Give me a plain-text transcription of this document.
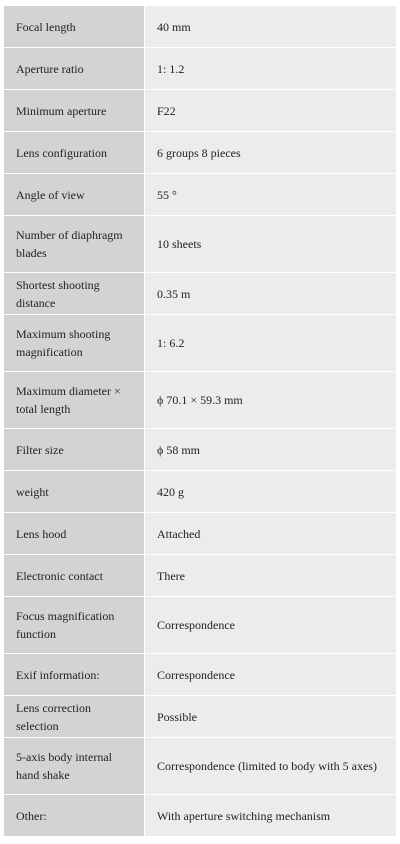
Focal length	40 mm
Aperture ratio	1: 1.2
Minimum aperture	F22
Lens configuration	6 groups 8 pieces
Angle of view	55 °
Number of diaphragm blades	10 sheets
Shortest shooting distance	0.35 m
Maximum shooting magnification	1: 6.2
Maximum diameter × total length	ϕ 70.1 × 59.3 mm
Filter size	ϕ 58 mm
weight	420 g
Lens hood	Attached
Electronic contact	There
Focus magnification function	Correspondence
Exif information:	Correspondence
Lens correction selection	Possible
5-axis body internal hand shake	Correspondence (limited to body with 5 axes)
Other:	With aperture switching mechanism
